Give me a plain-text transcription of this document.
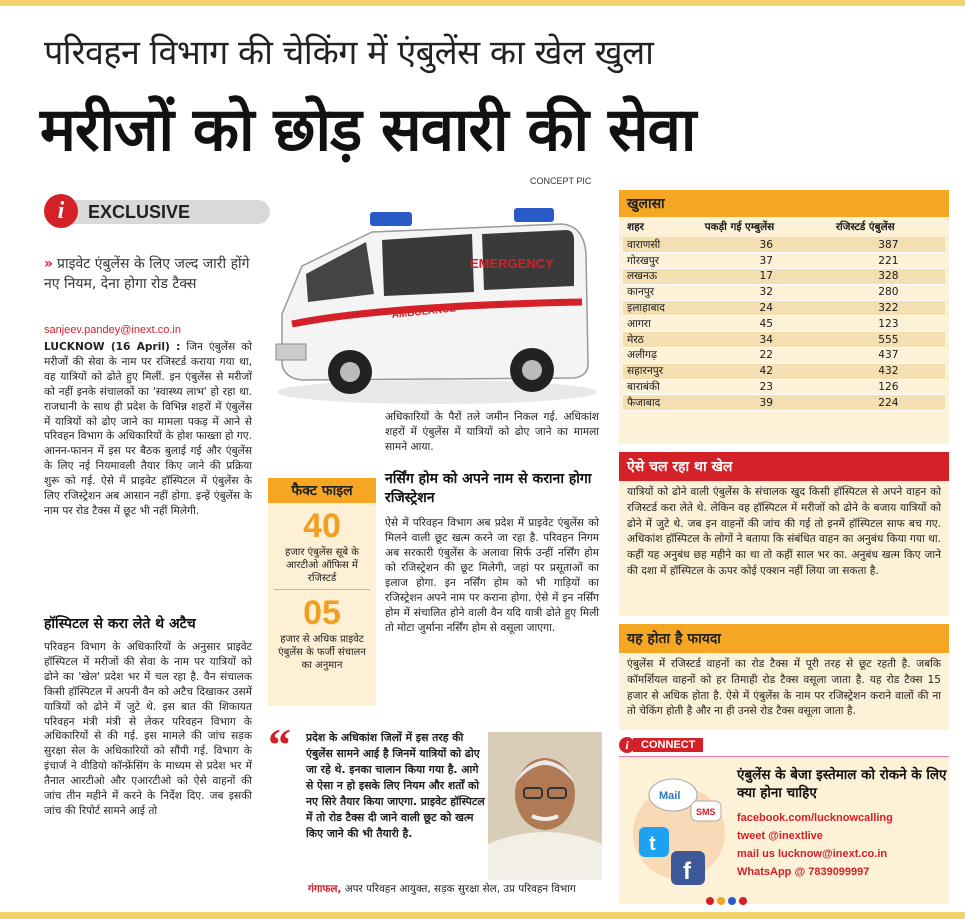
परिवहन विभाग की चेकिंग में एंबुलेंस का खेल खुला
मरीजों को छोड़ सवारी की सेवा
CONCEPT PIC
EXCLUSIVE
i
» प्राइवेट एंबुलेंस के लिए जल्द जारी होंगे नए नियम, देना होगा रोड टैक्स
sanjeev.pandey@inext.co.in
LUCKNOW (16 April) : जिन एंबुलेंस को मरीजों की सेवा के नाम पर रजिस्टर्ड कराया गया था, वह यात्रियों को ढोते हुए मिलीं. इन एंबुलेंस से मरीजों को नहीं इनके संचालकों का 'स्वास्थ्य लाभ' हो रहा था. राजधानी के साथ ही प्रदेश के विभिन्न शहरों में एंबुलेंस में यात्रियों को ढोए जाने का मामला पकड़ में आने से परिवहन विभाग के अधिकारियों के होश फाख्ता हो गए. आनन-फानन में इस पर बैठक बुलाई गई और एंबुलेंस के लिए नई नियमावली तैयार किए जाने की प्रक्रिया शुरू को गई. ऐसे में प्राइवेट हॉस्पिटल में एंबुलेंस के लिए रजिस्ट्रेशन अब आसान नहीं होगा. इन्हें एंबुलेंस के नाम पर रोड टैक्स में छूट भी नहीं मिलेगी.
हॉस्पिटल से करा लेते थे अटैच
परिवहन विभाग के अधिकारियों के अनुसार प्राइवेट हॉस्पिटल में मरीजों की सेवा के नाम पर यात्रियों को ढोने का 'खेल' प्रदेश भर में चल रहा है. वैन संचालक किसी हॉस्पिटल में अपनी वैन को अटैच दिखाकर उसमें यात्रियों को ढोने में जुटे थे. इस बात की शिकायत परिवहन मंत्री मंत्री से लेकर परिवहन विभाग के अधिकारियों से की गई. इस मामले की जांच सड़क सुरक्षा सेल के अधिकारियों को सौंपी गई. विभाग के इंचार्ज ने वीडियो कॉन्फ्रेंसिंग के माध्यम से प्रदेश भर में तैनात आरटीओ और एआरटीओ को ऐसे वाहनों की जांच तीन महीने में करने के निर्देश दिए. जब इसकी जांच की रिपोर्ट सामने आई तो
EMERGENCY
AMBULANCE
अधिकारियों के पैरों तले जमीन निकल गई. अधिकांश शहरों में एंबुलेंस में यात्रियों को ढोए जाने का मामला सामने आया.
नर्सिंग होम को अपने नाम से कराना होगा रजिस्ट्रेशन
ऐसे में परिवहन विभाग अब प्रदेश में प्राइवेट एंबुलेंस को मिलने वाली छूट खत्म करने जा रहा है. परिवहन निगम अब सरकारी एंबुलेंस के अलावा सिर्फ उन्हीं नर्सिंग होम को रजिस्ट्रेशन की छूट मिलेगी, जहां पर प्रसूताओं का इलाज होगा. इन नर्सिंग होम को भी गाड़ियों का रजिस्ट्रेशन अपने नाम पर कराना होगा. ऐसे में इन नर्सिंग होम में संचालित होने वाली वैन यदि यात्री ढोते हुए मिली तो मोटा जुर्माना नर्सिंग होम से वसूला जाएगा.
फैक्ट फाइल
40
हजार एंबुलेंस सूबे के आरटीओ ऑफिस में रजिस्टर्ड
05
हजार से अधिक प्राइवेट एंबुलेंस के फर्जी संचालन का अनुमान
“ प्रदेश के अधिकांश जिलों में इस तरह की एंबुलेंस सामने आई है जिनमें यात्रियों को ढोए जा रहे थे. इनका चालान किया गया है. आगे से ऐसा न हो इसके लिए नियम और शर्तों को नए सिरे तैयार किया जाएगा. प्राइवेट हॉस्पिटल में तो रोड टैक्स दी जाने वाली छूट को खत्म किए जाने की भी तैयारी है.
गंगाफल, अपर परिवहन आयुक्त, सड़क सुरक्षा सेल, उप्र परिवहन विभाग
खुलासा
शहर	पकड़ी गई एम्बुलेंस	रजिस्टर्ड एंबुलेंस
वाराणसी	36	387
गोरखपुर	37	221
लखनऊ	17	328
कानपुर	32	280
इलाहाबाद	24	322
आगरा	45	123
मेरठ	34	555
अलीगढ़	22	437
सहारनपुर	42	432
बाराबंकी	23	126
फैजाबाद	39	224
ऐसे चल रहा था खेल
यात्रियों को ढोने वाली एंबुलेंस के संचालक खुद किसी हॉस्पिटल से अपने वाहन को रजिस्टर्ड करा लेते थे. लेकिन वह हॉस्पिटल में मरीजों को ढोने के बजाय यात्रियों को ढोने में जुटे थे. जब इन वाहनों की जांच की गई तो इनमें हॉस्पिटल साफ बच गए. अधिकांश हॉस्पिटल के लोगों ने बताया कि संबंधित वाहन का अनुबंध किया गया था. कहीं यह अनुबंध छह महीने का था तो कहीं साल भर का. अनुबंध खत्म किए जाने की दशा में हॉस्पिटल के ऊपर कोई एक्शन नहीं लिया जा सकता है.
यह होता है फायदा
एंबुलेंस में रजिस्टर्ड वाहनों का रोड टैक्स में पूरी तरह से छूट रहती है. जबकि कॉमर्शियल वाहनों को हर तिमाही रोड टैक्स वसूला जाता है. यह रोड टैक्स 15 हजार से अधिक होता है. ऐसे में एंबुलेंस के नाम पर रजिस्ट्रेशन कराने वालों की ना तो चेकिंग होती है और ना ही उनसे रोड टैक्स वसूला जाता है.
i	CONNECT
Mail
SMS
t
f
एंबुलेंस के बेजा इस्तेमाल को रोकने के लिए क्या होना चाहिए
facebook.com/lucknowcalling
tweet @inextlive
mail us lucknow@inext.co.in
WhatsApp @ 7839099997
